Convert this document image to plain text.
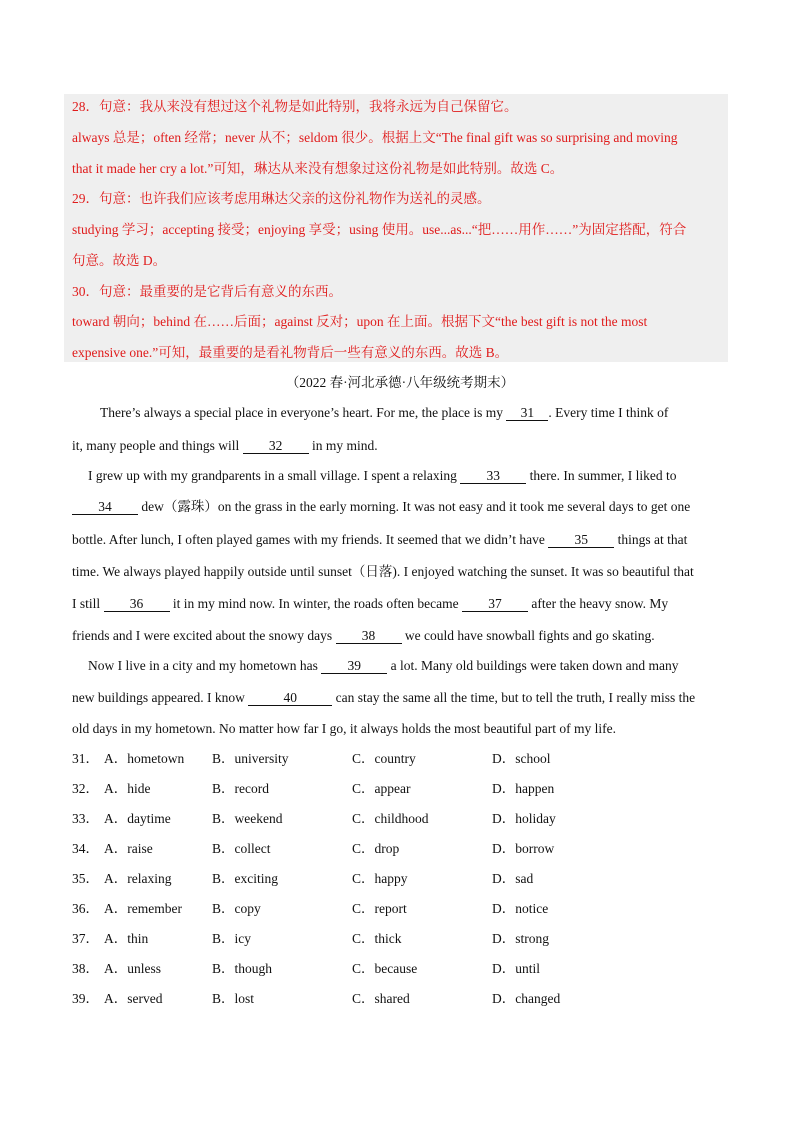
28．句意：我从来没有想过这个礼物是如此特别，我将永远为自己保留它。
always 总是；often 经常；never 从不；seldom 很少。根据上文“The final gift was so surprising and moving
that it made her cry a lot.”可知，琳达从来没有想象过这份礼物是如此特别。故选 C。
29．句意：也许我们应该考虑用琳达父亲的这份礼物作为送礼的灵感。
studying 学习；accepting 接受；enjoying 享受；using 使用。use...as...“把……用作……”为固定搭配，符合
句意。故选 D。
30．句意：最重要的是它背后有意义的东西。
toward 朝向；behind 在……后面；against 反对；upon 在上面。根据下文“the best gift is not the most
expensive one.”可知，最重要的是看礼物背后一些有意义的东西。故选 B。
（2022 春·河北承德·八年级统考期末）
There’s always a special place in everyone’s heart. For me, the place is my 31 . Every time I think of
it, many people and things will 32 in my mind.
I grew up with my grandparents in a small village. I spent a relaxing 33 there. In summer, I liked to
34 dew（露珠）on the grass in the early morning. It was not easy and it took me several days to get one
bottle. After lunch, I often played games with my friends. It seemed that we didn’t have 35 things at that
time. We always played happily outside until sunset（日落). I enjoyed watching the sunset. It was so beautiful that
I still 36 it in my mind now. In winter, the roads often became 37 after the heavy snow. My
friends and I were excited about the snowy days 38 we could have snowball fights and go skating.
Now I live in a city and my hometown has 39 a lot. Many old buildings were taken down and many
new buildings appeared. I know	40	can stay the same all the time, but to tell the truth, I really miss the
old days in my hometown. No matter how far I go, it always holds the most beautiful part of my life.
31． A．hometown B．university	C．country	D．school
32． A．hide	B．record	C．appear	D．happen
33． A．daytime	B．weekend	C．childhood	D．holiday
34． A．raise	B．collect	C．drop	D．borrow
35． A．relaxing	B．exciting	C．happy	D．sad
36． A．remember B．copy	C．report	D．notice
37． A．thin	B．icy	C．thick	D．strong
38． A．unless	B．though	C．because	D．until
39． A．served	B．lost	C．shared	D．changed
